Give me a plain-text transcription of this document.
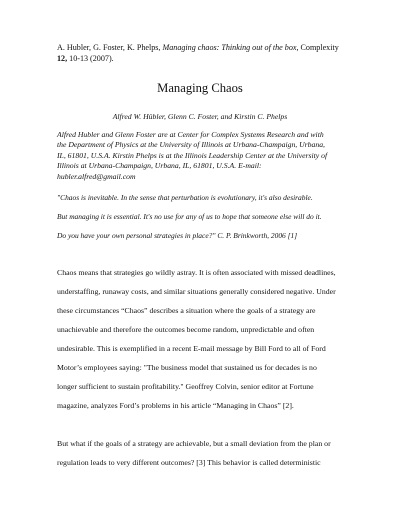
A. Hubler, G. Foster, K. Phelps, Managing chaos: Thinking out of the box, Complexity
12, 10-13 (2007).
Managing Chaos
Alfred W. Hübler, Glenn C. Foster, and Kirstin C. Phelps
Alfred Hubler and Glenn Foster are at Center for Complex Systems Research and with
the Department of Physics at the University of Illinois at Urbana-Champaign, Urbana,
IL, 61801, U.S.A. Kirstin Phelps is at the Illinois Leadership Center at the University of
Illinois at Urbana-Champaign, Urbana, IL, 61801, U.S.A. E-mail:
hubler.alfred@gmail.com
"Chaos is inevitable. In the sense that perturbation is evolutionary, it's also desirable.
But managing it is essential. It's no use for any of us to hope that someone else will do it.
Do you have your own personal strategies in place?" C. P. Brinkworth, 2006 [1]
Chaos means that strategies go wildly astray. It is often associated with missed deadlines,
understaffing, runaway costs, and similar situations generally considered negative. Under
these circumstances “Chaos” describes a situation where the goals of a strategy are
unachievable and therefore the outcomes become random, unpredictable and often
undesirable. This is exemplified in a recent E-mail message by Bill Ford to all of Ford
Motor’s employees saying: "The business model that sustained us for decades is no
longer sufficient to sustain profitability." Geoffrey Colvin, senior editor at Fortune
magazine, analyzes Ford’s problems in his article “Managing in Chaos” [2].
But what if the goals of a strategy are achievable, but a small deviation from the plan or
regulation leads to very different outcomes? [3] This behavior is called deterministic
